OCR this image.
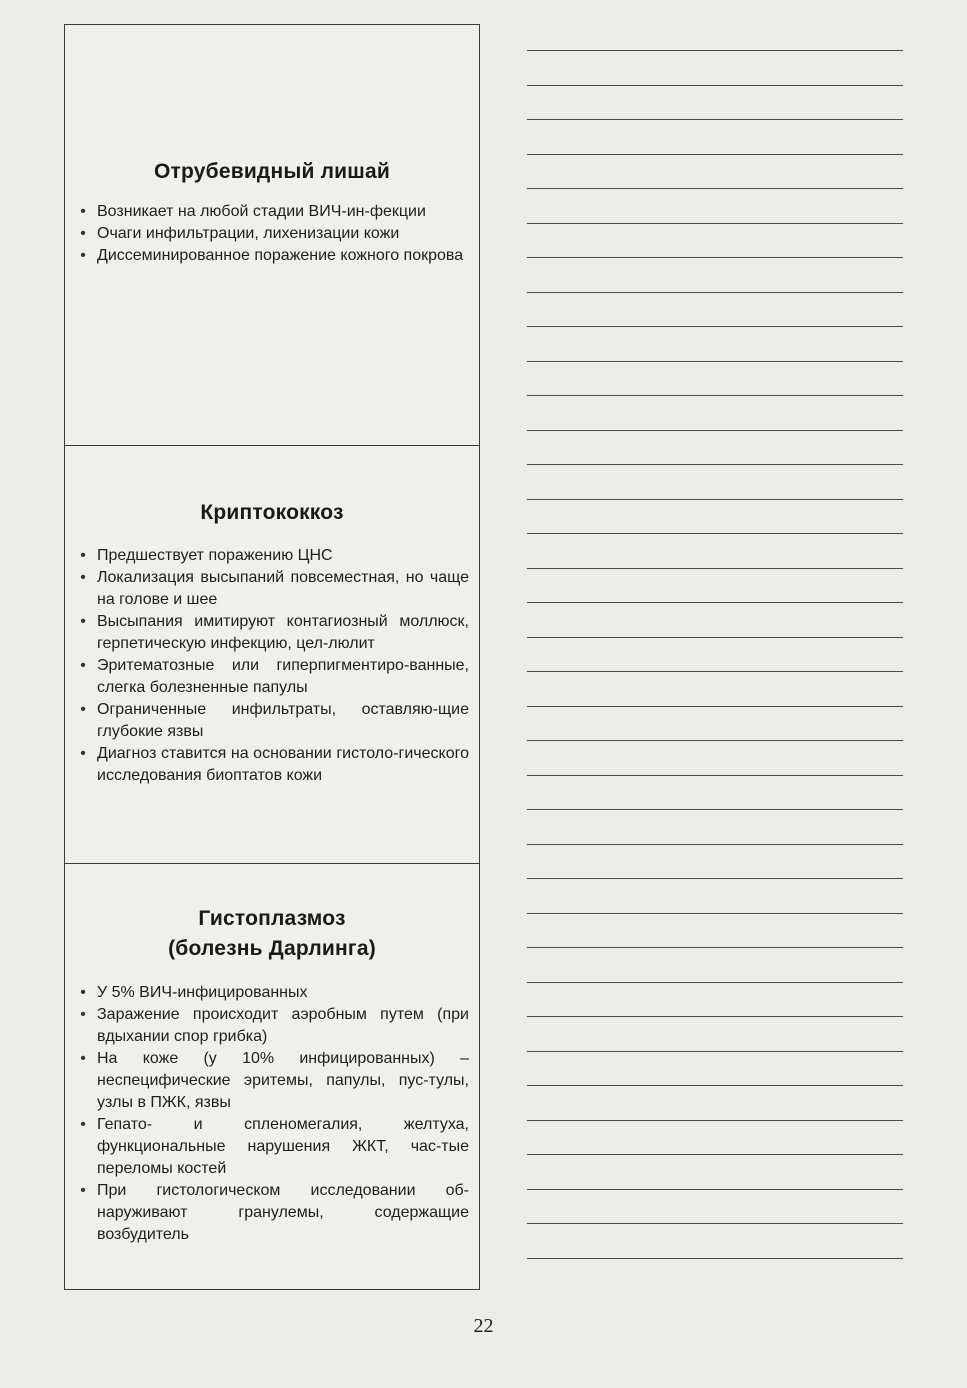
Отрубевидный лишай
• Возникает на любой стадии ВИЧ-ин-фекции
• Очаги инфильтрации, лихенизации кожи
• Диссеминированное поражение кожного покрова
Криптококкоз
• Предшествует поражению ЦНС
• Локализация высыпаний повсеместная, но чаще на голове и шее
• Высыпания имитируют контагиозный моллюск, герпетическую инфекцию, цел-люлит
• Эритематозные или гиперпигментиро-ванные, слегка болезненные папулы
• Ограниченные инфильтраты, оставляю-щие глубокие язвы
• Диагноз ставится на основании гистоло-гического исследования биоптатов кожи
Гистоплазмоз
(болезнь Дарлинга)
• У 5% ВИЧ-инфицированных
• Заражение происходит аэробным путем (при вдыхании спор грибка)
• На коже (у 10% инфицированных) – неспецифические эритемы, папулы, пус-тулы, узлы в ПЖК, язвы
• Гепато- и спленомегалия, желтуха, функциональные нарушения ЖКТ, час-тые переломы костей
• При гистологическом исследовании об-наруживают гранулемы, содержащие возбудитель
22
